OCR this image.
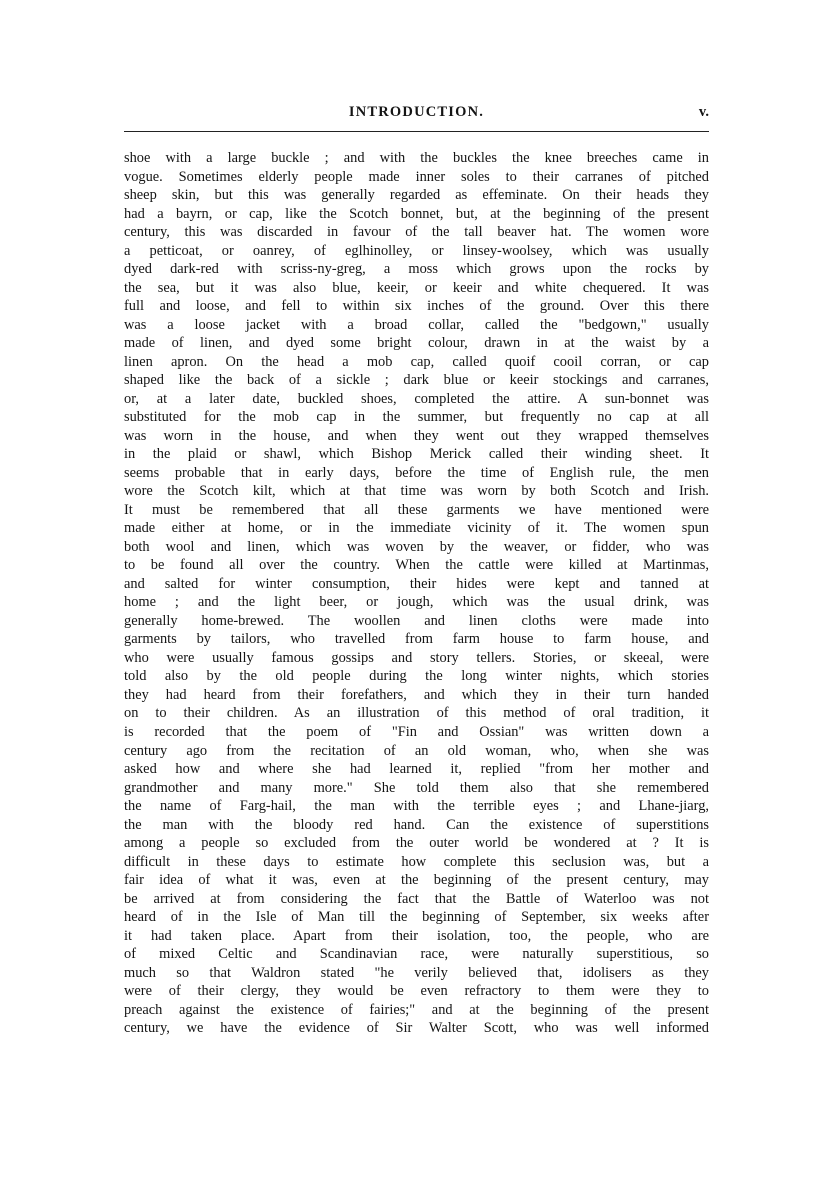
INTRODUCTION.	v.
shoe with a large buckle ; and with the buckles the knee breeches came in
vogue. Sometimes elderly people made inner soles to their carranes of pitched
sheep skin, but this was generally regarded as effeminate. On their heads they
had a bayrn, or cap, like the Scotch bonnet, but, at the beginning of the present
century, this was discarded in favour of the tall beaver hat. The women wore
a petticoat, or oanrey, of eglhinolley, or linsey-woolsey, which was usually
dyed dark-red with scriss-ny-greg, a moss which grows upon the rocks by
the sea, but it was also blue, keeir, or keeir and white chequered. It was
full and loose, and fell to within six inches of the ground. Over this there
was a loose jacket with a broad collar, called the "bedgown," usually
made of linen, and dyed some bright colour, drawn in at the waist by a
linen apron. On the head a mob cap, called quoif cooil corran, or cap
shaped like the back of a sickle ; dark blue or keeir stockings and carranes,
or, at a later date, buckled shoes, completed the attire. A sun-bonnet was
substituted for the mob cap in the summer, but frequently no cap at all
was worn in the house, and when they went out they wrapped themselves
in the plaid or shawl, which Bishop Merick called their winding sheet. It
seems probable that in early days, before the time of English rule, the men
wore the Scotch kilt, which at that time was worn by both Scotch and Irish.
It must be remembered that all these garments we have mentioned were
made either at home, or in the immediate vicinity of it. The women spun
both wool and linen, which was woven by the weaver, or fidder, who was
to be found all over the country. When the cattle were killed at Martinmas,
and salted for winter consumption, their hides were kept and tanned at
home ; and the light beer, or jough, which was the usual drink, was
generally home-brewed. The woollen and linen cloths were made into
garments by tailors, who travelled from farm house to farm house, and
who were usually famous gossips and story tellers. Stories, or skeeal, were
told also by the old people during the long winter nights, which stories
they had heard from their forefathers, and which they in their turn handed
on to their children. As an illustration of this method of oral tradition, it
is recorded that the poem of "Fin and Ossian" was written down a
century ago from the recitation of an old woman, who, when she was
asked how and where she had learned it, replied "from her mother and
grandmother and many more." She told them also that she remembered
the name of Farg-hail, the man with the terrible eyes ; and Lhane-jiarg,
the man with the bloody red hand. Can the existence of superstitions
among a people so excluded from the outer world be wondered at ? It is
difficult in these days to estimate how complete this seclusion was, but a
fair idea of what it was, even at the beginning of the present century, may
be arrived at from considering the fact that the Battle of Waterloo was not
heard of in the Isle of Man till the beginning of September, six weeks after
it had taken place. Apart from their isolation, too, the people, who are
of mixed Celtic and Scandinavian race, were naturally superstitious, so
much so that Waldron stated "he verily believed that, idolisers as they
were of their clergy, they would be even refractory to them were they to
preach against the existence of fairies;" and at the beginning of the present
century, we have the evidence of Sir Walter Scott, who was well informed
